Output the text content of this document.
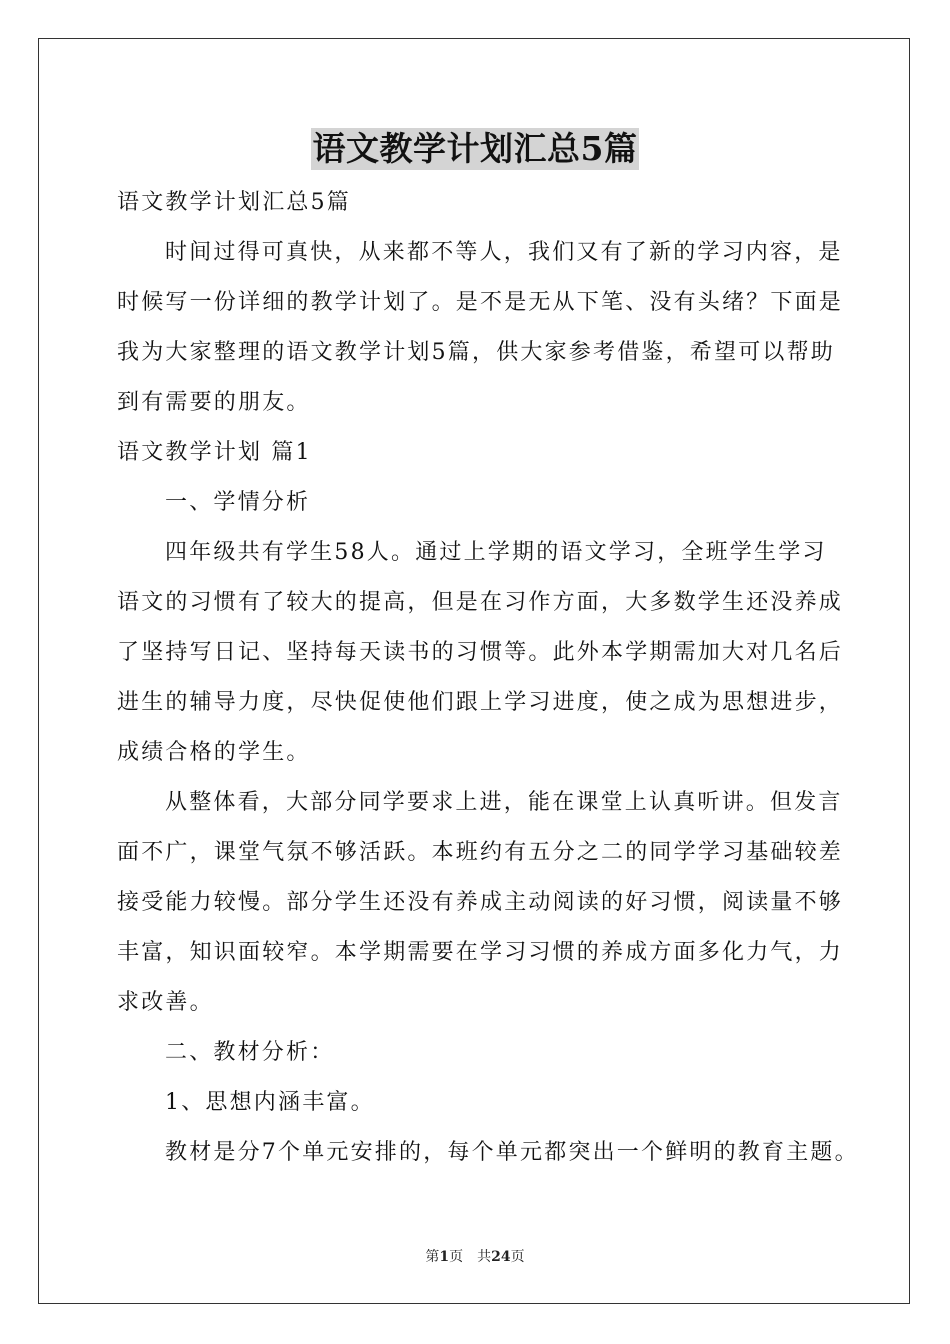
语文教学计划汇总5篇

语文教学计划汇总5篇

时间过得可真快，从来都不等人，我们又有了新的学习内容，是

时候写一份详细的教学计划了。是不是无从下笔、没有头绪？下面是

我为大家整理的语文教学计划5篇，供大家参考借鉴，希望可以帮助

到有需要的朋友。

语文教学计划 篇1

一、学情分析

四年级共有学生58人。通过上学期的语文学习，全班学生学习

语文的习惯有了较大的提高，但是在习作方面，大多数学生还没养成

了坚持写日记、坚持每天读书的习惯等。此外本学期需加大对几名后

进生的辅导力度，尽快促使他们跟上学习进度，使之成为思想进步，

成绩合格的学生。

从整体看，大部分同学要求上进，能在课堂上认真听讲。但发言

面不广，课堂气氛不够活跃。本班约有五分之二的同学学习基础较差

接受能力较慢。部分学生还没有养成主动阅读的好习惯，阅读量不够

丰富，知识面较窄。本学期需要在学习习惯的养成方面多化力气，力

求改善。

二、教材分析：

1、思想内涵丰富。

教材是分7个单元安排的，每个单元都突出一个鲜明的教育主题。

第1页 共24页
